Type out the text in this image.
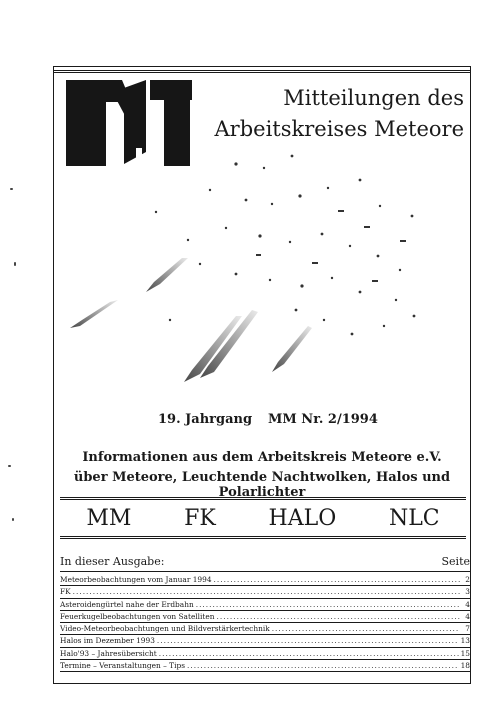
Mitteilungen des
Arbeitskreises Meteore
19. Jahrgang MM Nr. 2/1994
Informationen aus dem Arbeitskreis Meteore e.V.
über Meteore, Leuchtende Nachtwolken, Halos und Polarlichter
MM FK HALO NLC
In dieser Ausgabe:	Seite
Meteorbeobachtungen vom Januar 1994 .....	2
FK .....	3
Asteroidengürtel nahe der Erdbahn .....	4
Feuerkugelbeobachtungen von Satelliten .....	4
Video-Meteorbeobachtungen und Bildverstärkertechnik .....	7
Halos im Dezember 1993 .....	13
Halo'93 – Jahresübersicht .....	15
Termine – Veranstaltungen – Tips .....	18
